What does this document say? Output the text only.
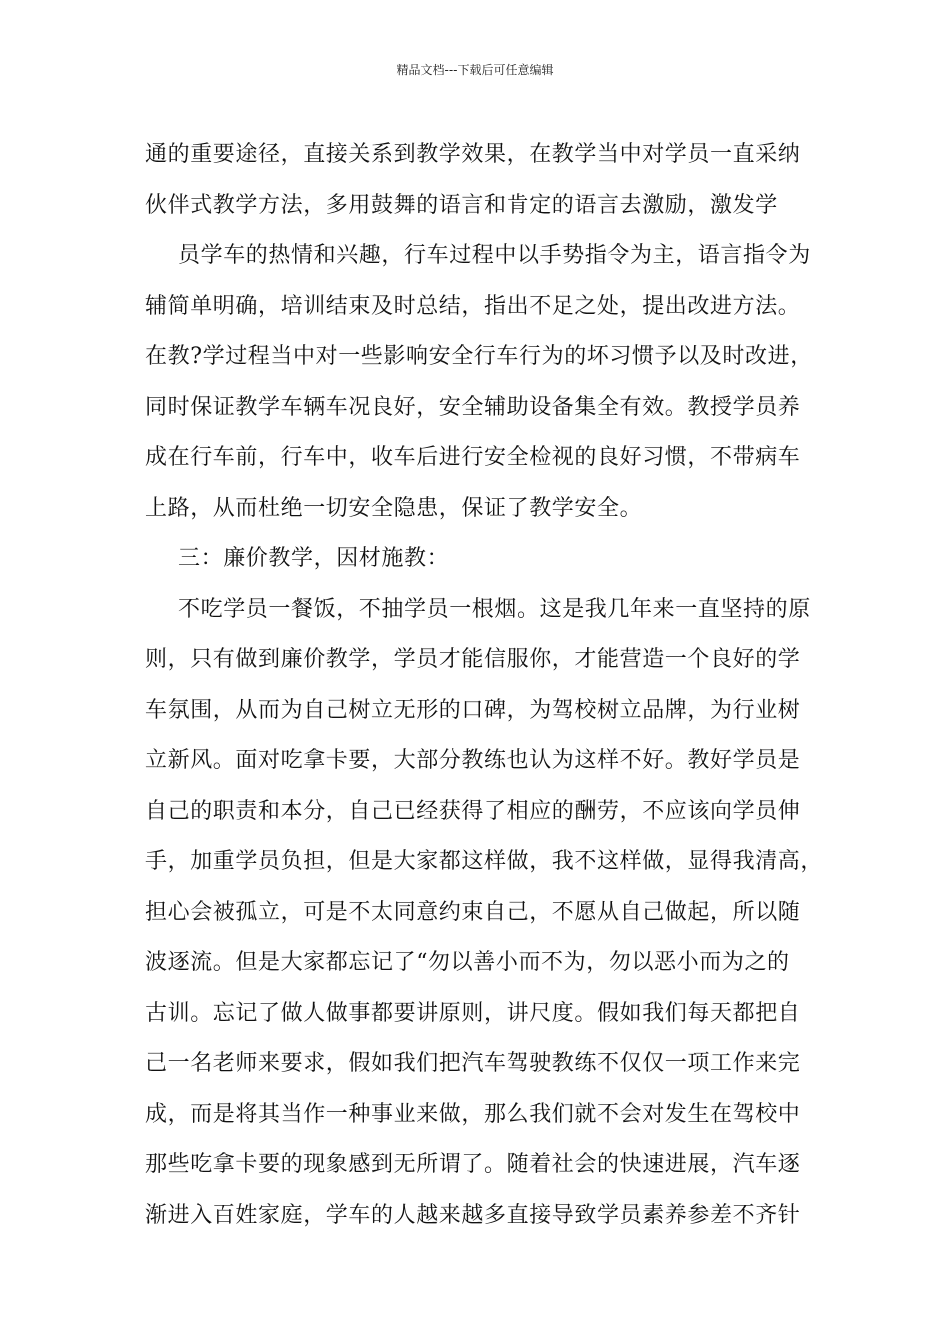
精品文档---下载后可任意编辑
通的重要途径，直接关系到教学效果，在教学当中对学员一直采纳
伙伴式教学方法，多用鼓舞的语言和肯定的语言去激励，激发学
员学车的热情和兴趣，行车过程中以手势指令为主，语言指令为
辅简单明确，培训结束及时总结，指出不足之处，提出改进方法。
在教?学过程当中对一些影响安全行车行为的坏习惯予以及时改进，
同时保证教学车辆车况良好，安全辅助设备集全有效。教授学员养
成在行车前，行车中，收车后进行安全检视的良好习惯，不带病车
上路，从而杜绝一切安全隐患，保证了教学安全。
三：廉价教学，因材施教：
不吃学员一餐饭，不抽学员一根烟。这是我几年来一直坚持的原
则，只有做到廉价教学，学员才能信服你，才能营造一个良好的学
车氛围，从而为自己树立无形的口碑，为驾校树立品牌，为行业树
立新风。面对吃拿卡要，大部分教练也认为这样不好。教好学员是
自己的职责和本分，自己已经获得了相应的酬劳，不应该向学员伸
手，加重学员负担，但是大家都这样做，我不这样做，显得我清高，
担心会被孤立，可是不太同意约束自己，不愿从自己做起，所以随
波逐流。但是大家都忘记了“勿以善小而不为，勿以恶小而为之的
古训。忘记了做人做事都要讲原则，讲尺度。假如我们每天都把自
己一名老师来要求，假如我们把汽车驾驶教练不仅仅一项工作来完
成，而是将其当作一种事业来做，那么我们就不会对发生在驾校中
那些吃拿卡要的现象感到无所谓了。随着社会的快速进展，汽车逐
渐进入百姓家庭，学车的人越来越多直接导致学员素养参差不齐针
